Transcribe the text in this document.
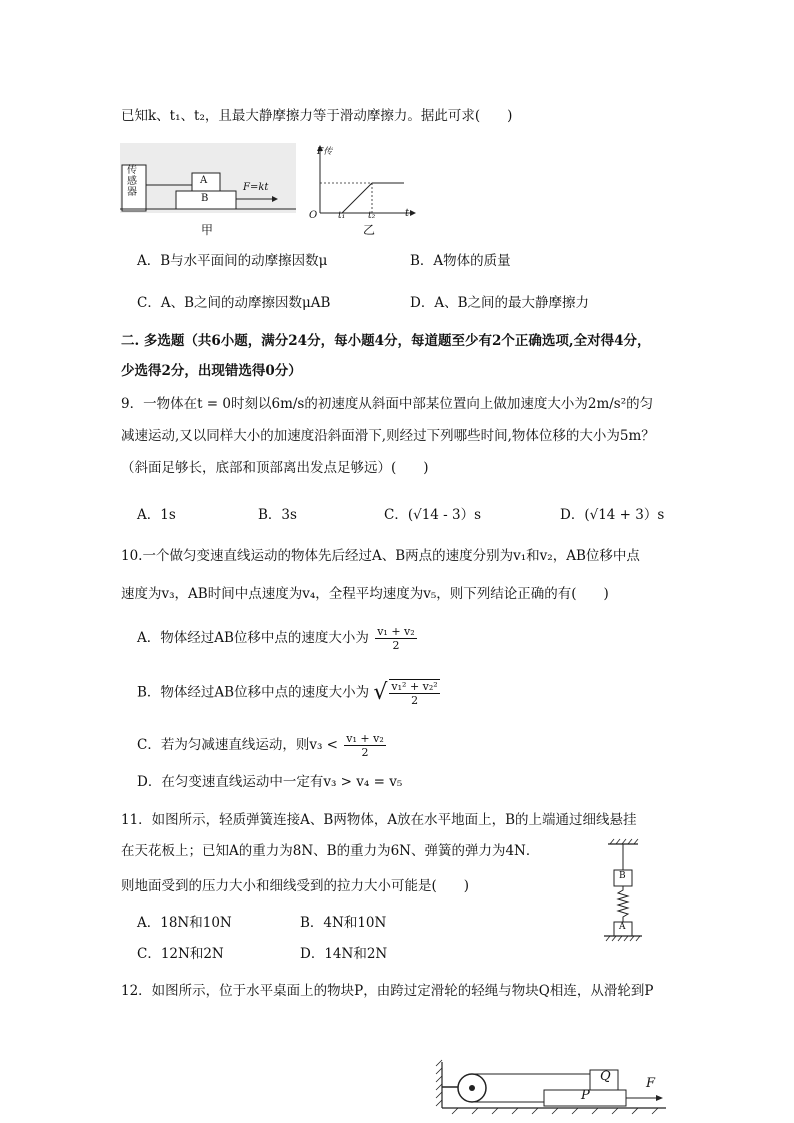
已知k、t₁、t₂，且最大静摩擦力等于滑动摩擦力。据此可求(　　)
传感器
A
B
F=kt
甲
F传
O t₁	t₂	t
乙
A．B与水平面间的动摩擦因数μ	B．A物体的质量
C．A、B之间的动摩擦因数μAB	D．A、B之间的最大静摩擦力
二. 多选题（共6小题，满分24分，每小题4分，每道题至少有2个正确选项,全对得4分，
少选得2分，出现错选得0分）
9．一物体在t = 0时刻以6m/s的初速度从斜面中部某位置向上做加速度大小为2m/s²的匀
减速运动,又以同样大小的加速度沿斜面滑下,则经过下列哪些时间,物体位移的大小为5m？
（斜面足够长，底部和顶部离出发点足够远）(　　)
A．1s	B．3s	C．(√14 - 3）s	D．(√14 + 3）s
10.一个做匀变速直线运动的物体先后经过A、B两点的速度分别为v₁和v₂，AB位移中点
速度为v₃，AB时间中点速度为v₄，全程平均速度为v₅，则下列结论正确的有(　　)
A．物体经过AB位移中点的速度大小为 $\frac{\text{v₁ + v₂}}{2}$
B．物体经过AB位移中点的速度大小为 √ $\frac{\text{v₁² + v₂²}}{2}$
C．若为匀减速直线运动，则$v_3 < \frac{\text{v₁ + v₂}}{2}$
D．在匀变速直线运动中一定有v₃ > v₄ = v₅
11．如图所示，轻质弹簧连接A、B两物体，A放在水平地面上，B的上端通过细线悬挂
在天花板上；已知A的重力为8N、B的重力为6N、弹簧的弹力为4N．
则地面受到的压力大小和细线受到的拉力大小可能是(　　)
A．18N和10N	B．4N和10N
C．12N和2N	D．14N和2N
B
A
12．如图所示，位于水平桌面上的物块P，由跨过定滑轮的轻绳与物块Q相连，从滑轮到P
Q
P
F
